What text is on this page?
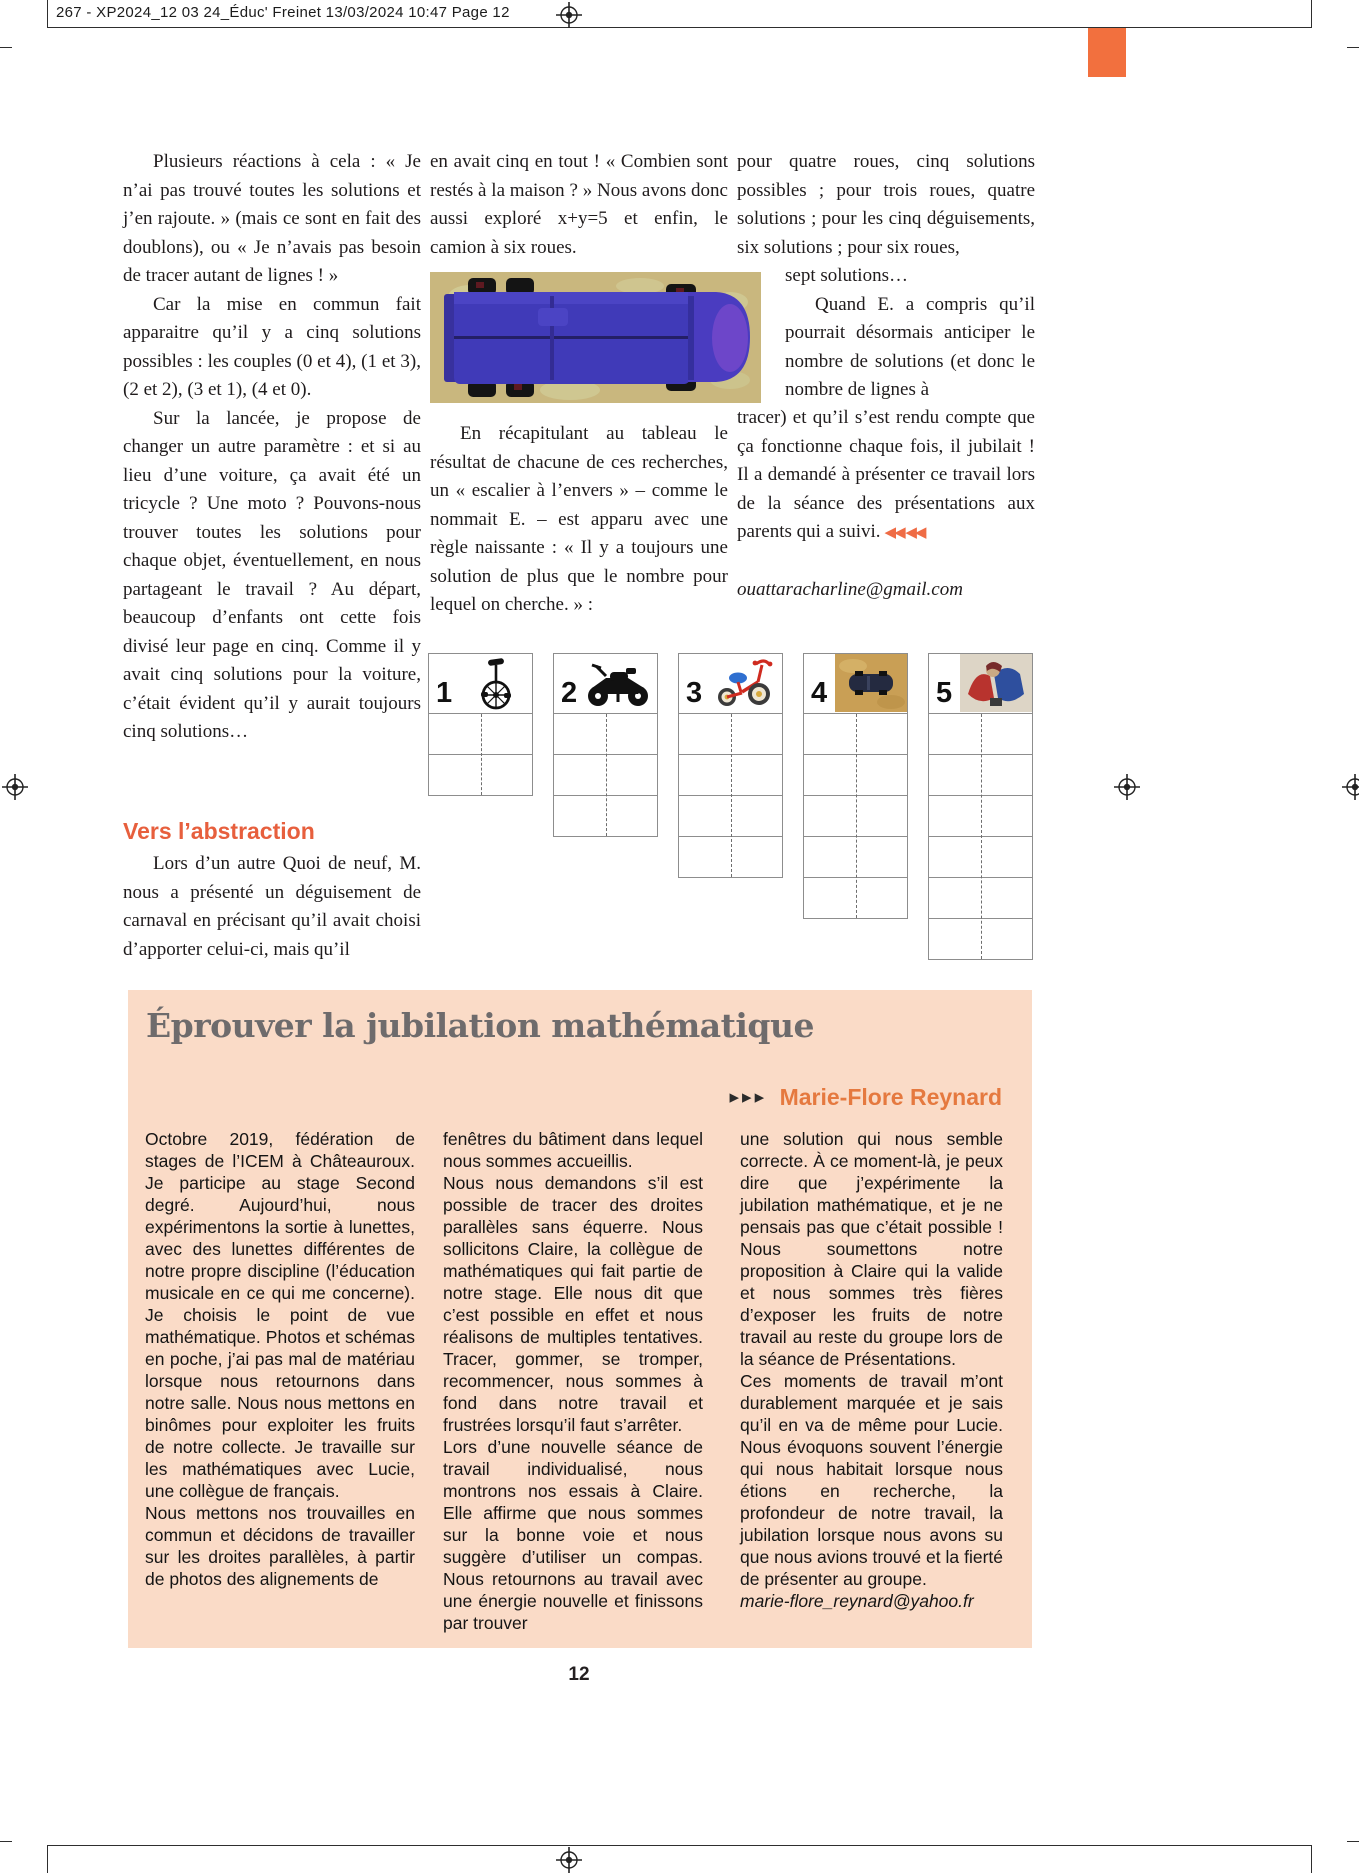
267 - XP2024_12 03 24_Éduc' Freinet 13/03/2024 10:47 Page 12

Plusieurs réactions à cela : « Je n’ai pas trouvé toutes les solutions et j’en rajoute. » (mais ce sont en fait des doublons), ou « Je n’avais pas besoin de tracer autant de lignes ! »

Car la mise en commun fait apparaitre qu’il y a cinq solutions possibles : les couples (0 et 4), (1 et 3), (2 et 2), (3 et 1), (4 et 0).

Sur la lancée, je propose de changer un autre paramètre : et si au lieu d’une voiture, ça avait été un tricycle ? Une moto ? Pouvons-nous trouver toutes les solutions pour chaque objet, éventuellement, en nous partageant le travail ? Au départ, beaucoup d’enfants ont cette fois divisé leur page en cinq. Comme il y avait cinq solutions pour la voiture, c’était évident qu’il y aurait toujours cinq solutions…

Vers l’abstraction

Lors d’un autre Quoi de neuf, M. nous a présenté un déguisement de carnaval en précisant qu’il avait choisi d’apporter celui-ci, mais qu’il

en avait cinq en tout ! « Combien sont restés à la maison ? » Nous avons donc aussi exploré x+y=5 et enfin, le camion à six roues.

En récapitulant au tableau le résultat de chacune de ces recherches, un « escalier à l’envers » – comme le nommait E. – est apparu avec une règle naissante : « Il y a toujours une solution de plus que le nombre pour lequel on cherche. » :

pour quatre roues, cinq solutions possibles ; pour trois roues, quatre solutions ; pour les cinq déguisements, six solutions ; pour six roues,

sept solutions…

Quand E. a compris qu’il pourrait désormais anticiper le nombre de solutions (et donc le nombre de lignes à

tracer) et qu’il s’est rendu compte que ça fonctionne chaque fois, il jubilait ! Il a demandé à présenter ce travail lors de la séance des présentations aux parents qui a suivi. ◀◀ ◀◀

ouattaracharline@gmail.com
1	2	3	4	5
Éprouver la jubilation mathématique
▸▸▸ Marie-Flore Reynard

Octobre 2019, fédération de stages de l’ICEM à Châteauroux. Je participe au stage Second degré. Aujourd’hui, nous expérimentons la sortie à lunettes, avec des lunettes différentes de notre propre discipline (l’éducation musicale en ce qui me concerne). Je choisis le point de vue mathématique. Photos et schémas en poche, j’ai pas mal de matériau lorsque nous retournons dans notre salle. Nous nous mettons en binômes pour exploiter les fruits de notre collecte. Je travaille sur les mathématiques avec Lucie, une collègue de français.

Nous mettons nos trouvailles en commun et décidons de travailler sur les droites parallèles, à partir de photos des alignements de

fenêtres du bâtiment dans lequel nous sommes accueillis.

Nous nous demandons s’il est possible de tracer des droites parallèles sans équerre. Nous sollicitons Claire, la collègue de mathématiques qui fait partie de notre stage. Elle nous dit que c’est possible en effet et nous réalisons de multiples tentatives. Tracer, gommer, se tromper, recommencer, nous sommes à fond dans notre travail et frustrées lorsqu’il faut s’arrêter.

Lors d’une nouvelle séance de travail individualisé, nous montrons nos essais à Claire. Elle affirme que nous sommes sur la bonne voie et nous suggère d’utiliser un compas. Nous retournons au travail avec une énergie nouvelle et finissons par trouver

une solution qui nous semble correcte. À ce moment-là, je peux dire que j’expérimente la jubilation mathématique, et je ne pensais pas que c’était possible ! Nous soumettons notre proposition à Claire qui la valide et nous sommes très fières d’exposer les fruits de notre travail au reste du groupe lors de la séance de Présentations.

Ces moments de travail m’ont durablement marquée et je sais qu’il en va de même pour Lucie. Nous évoquons souvent l’énergie qui nous habitait lorsque nous étions en recherche, la profondeur de notre travail, la jubilation lorsque nous avons su que nous avions trouvé et la fierté de présenter au groupe.

marie-flore_reynard@yahoo.fr

12
